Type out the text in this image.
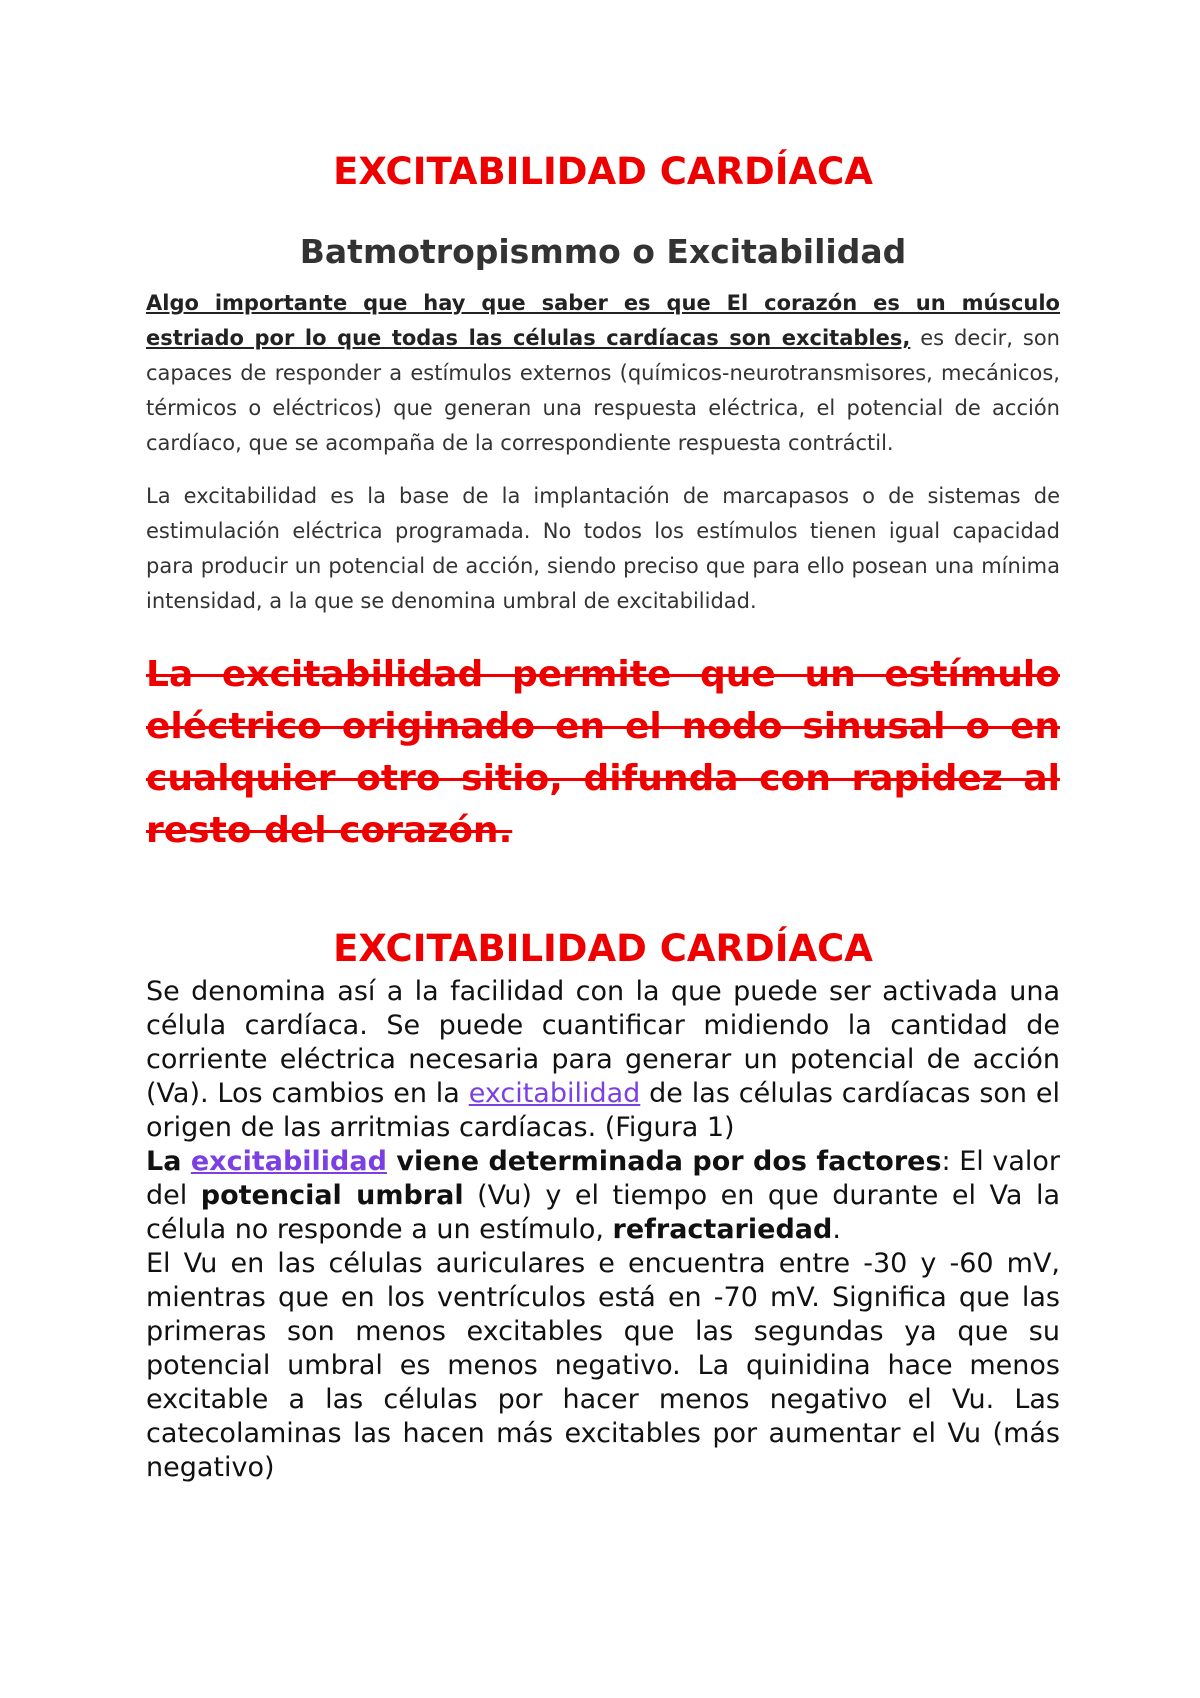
EXCITABILIDAD CARDÍACA
Batmotropismmo o Excitabilidad

Algo importante que hay que saber es que El corazón es un músculo estriado por lo que todas las células cardíacas son excitables, es decir, son capaces de responder a estímulos externos (químicos-neurotransmisores, mecánicos, térmicos o eléctricos) que generan una respuesta eléctrica, el potencial de acción cardíaco, que se acompaña de la correspondiente respuesta contráctil.

La excitabilidad es la base de la implantación de marcapasos o de sistemas de estimulación eléctrica programada. No todos los estímulos tienen igual capacidad para producir un potencial de acción, siendo preciso que para ello posean una mínima intensidad, a la que se denomina umbral de excitabilidad.

La excitabilidad permite que un estímulo eléctrico originado en el nodo sinusal o en cualquier otro sitio, difunda con rapidez al resto del corazón.

EXCITABILIDAD CARDÍACA

Se denomina así a la facilidad con la que puede ser activada una célula cardíaca. Se puede cuantificar midiendo la cantidad de corriente eléctrica necesaria para generar un potencial de acción (Va). Los cambios en la excitabilidad de las células cardíacas son el origen de las arritmias cardíacas. (Figura 1)

La excitabilidad viene determinada por dos factores: El valor del potencial umbral (Vu) y el tiempo en que durante el Va la célula no responde a un estímulo, refractariedad.

El Vu en las células auriculares e encuentra entre -30 y -60 mV, mientras que en los ventrículos está en -70 mV. Significa que las primeras son menos excitables que las segundas ya que su potencial umbral es menos negativo. La quinidina hace menos excitable a las células por hacer menos negativo el Vu. Las catecolaminas las hacen más excitables por aumentar el Vu (más negativo)
